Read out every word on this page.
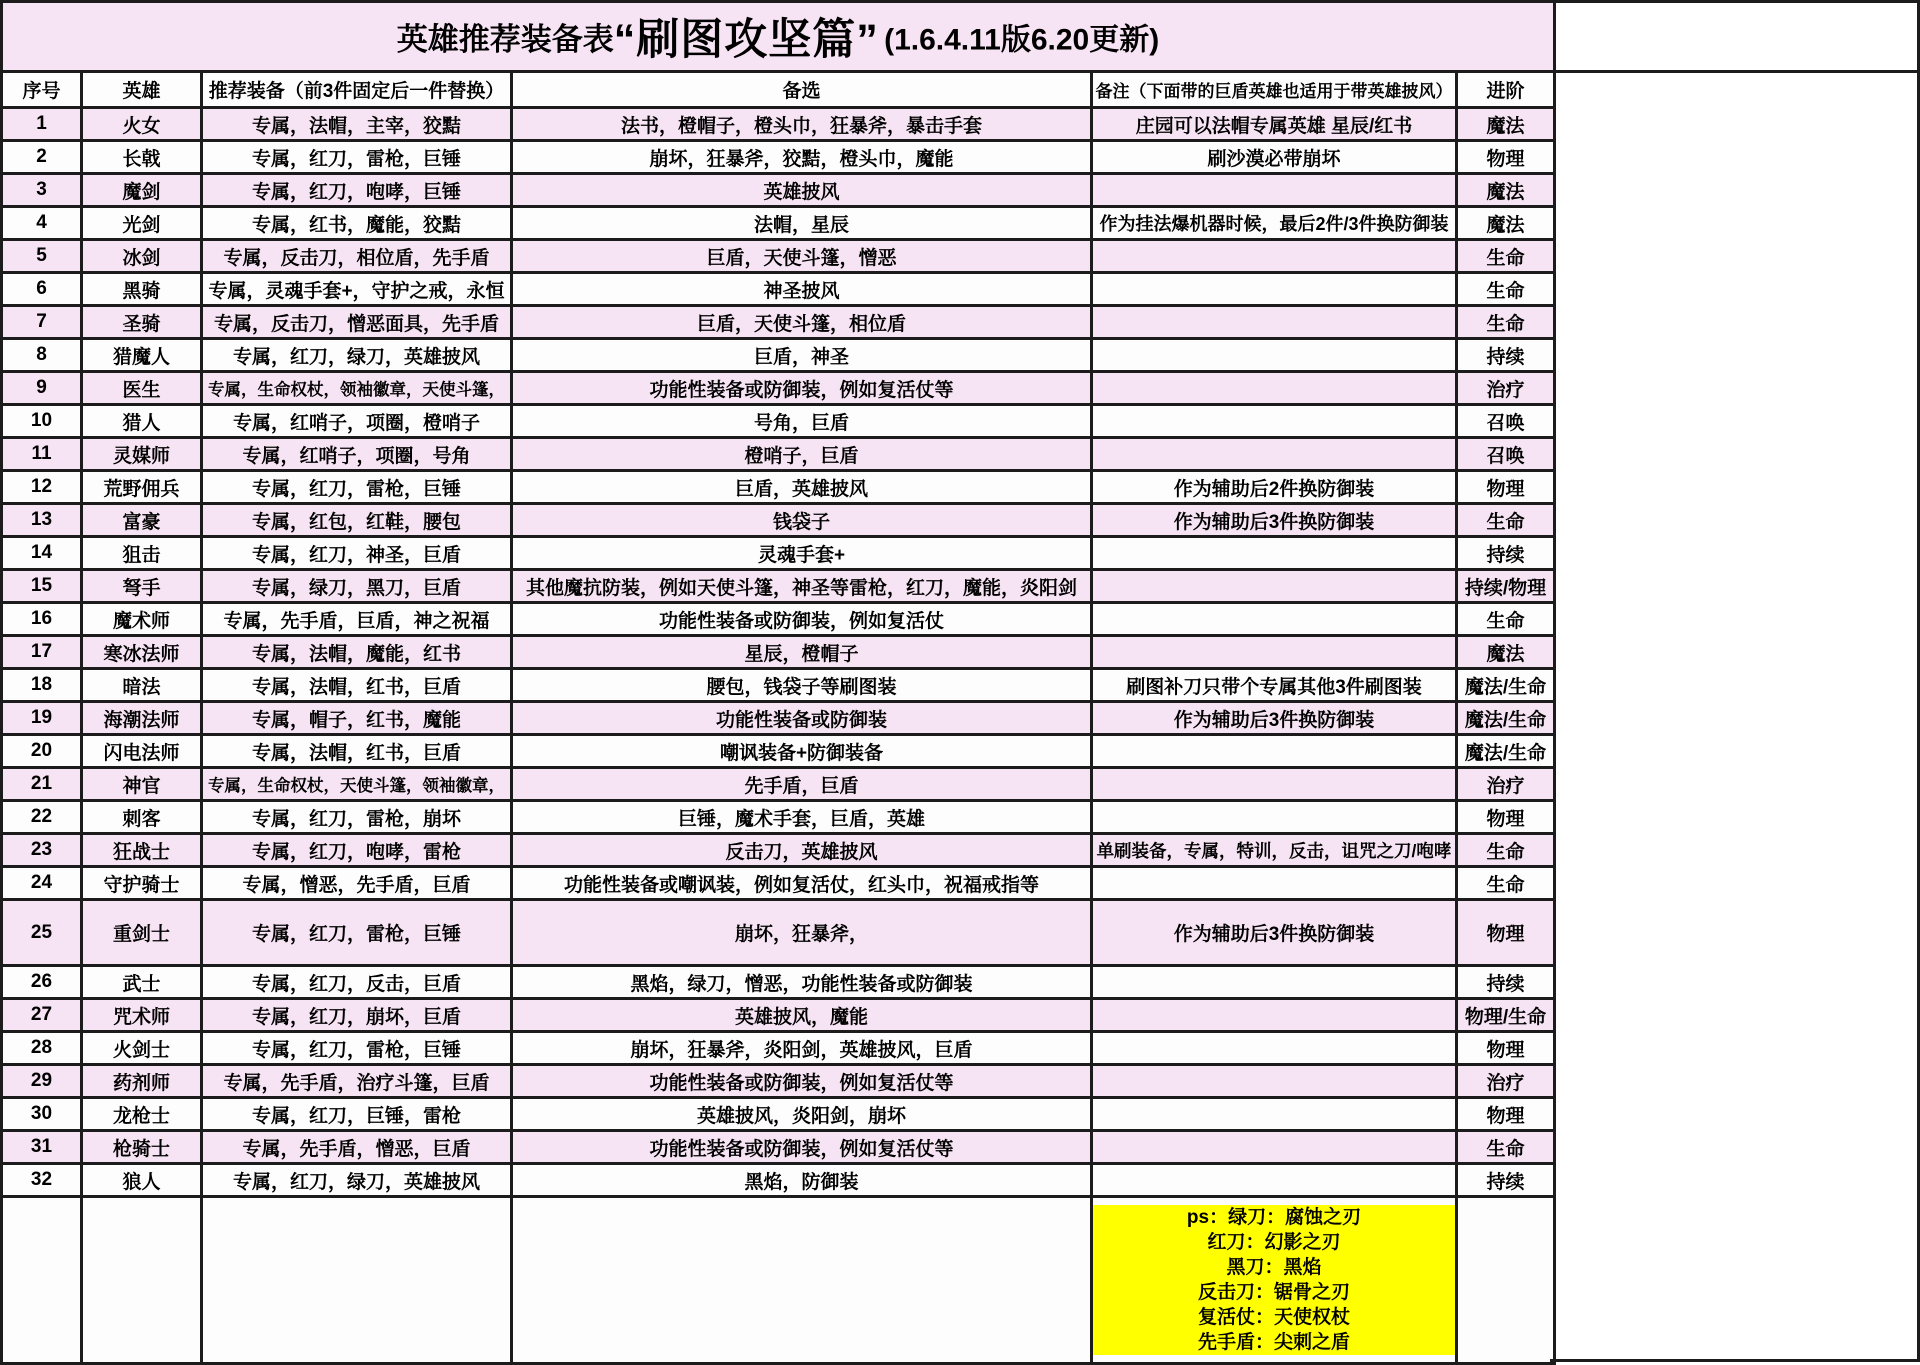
英雄推荐装备表“刷图攻坚篇” (1.6.4.11版6.20更新)					
序号	英雄	推荐装备（前3件固定后一件替换）	备选	备注（下面带的巨盾英雄也适用于带英雄披风）	进阶
1	火女	专属，法帽，主宰，狡黠	法书，橙帽子，橙头巾，狂暴斧，暴击手套	庄园可以法帽专属英雄 星辰/红书	魔法
2	长戟	专属，红刀，雷枪，巨锤	崩坏，狂暴斧，狡黠，橙头巾，魔能	刷沙漠必带崩坏	物理
3	魔剑	专属，红刀，咆哮，巨锤	英雄披风		魔法
4	光剑	专属，红书，魔能，狡黠	法帽，星辰	作为挂法爆机器时候，最后2件/3件换防御装	魔法
5	冰剑	专属，反击刀，相位盾，先手盾	巨盾，天使斗篷，憎恶		生命
6	黑骑	专属，灵魂手套+，守护之戒，永恒	神圣披风		生命
7	圣骑	专属，反击刀，憎恶面具，先手盾	巨盾，天使斗篷，相位盾		生命
8	猎魔人	专属，红刀，绿刀，英雄披风	巨盾，神圣		持续
9	医生	专属，生命权杖，领袖徽章，天使斗篷，	功能性装备或防御装，例如复活仗等		治疗
10	猎人	专属，红哨子，项圈，橙哨子	号角，巨盾		召唤
11	灵媒师	专属，红哨子，项圈，号角	橙哨子，巨盾		召唤
12	荒野佣兵	专属，红刀，雷枪，巨锤	巨盾，英雄披风	作为辅助后2件换防御装	物理
13	富豪	专属，红包，红鞋，腰包	钱袋子	作为辅助后3件换防御装	生命
14	狙击	专属，红刀，神圣，巨盾	灵魂手套+		持续
15	弩手	专属，绿刀，黑刀，巨盾	其他魔抗防装，例如天使斗篷，神圣等雷枪，红刀，魔能，炎阳剑		持续/物理
16	魔术师	专属，先手盾，巨盾，神之祝福	功能性装备或防御装，例如复活仗		生命
17	寒冰法师	专属，法帽，魔能，红书	星辰，橙帽子		魔法
18	暗法	专属，法帽，红书，巨盾	腰包，钱袋子等刷图装	刷图补刀只带个专属其他3件刷图装	魔法/生命
19	海潮法师	专属，帽子，红书，魔能	功能性装备或防御装	作为辅助后3件换防御装	魔法/生命
20	闪电法师	专属，法帽，红书，巨盾	嘲讽装备+防御装备		魔法/生命
21	神官	专属，生命权杖，天使斗篷，领袖徽章，	先手盾，巨盾		治疗
22	刺客	专属，红刀，雷枪，崩坏	巨锤，魔术手套，巨盾，英雄		物理
23	狂战士	专属，红刀，咆哮，雷枪	反击刀，英雄披风	单刷装备，专属，特训，反击，诅咒之刀/咆哮	生命
24	守护骑士	专属，憎恶，先手盾，巨盾	功能性装备或嘲讽装，例如复活仗，红头巾，祝福戒指等		生命
25	重剑士	专属，红刀，雷枪，巨锤	崩坏，狂暴斧，	作为辅助后3件换防御装	物理
26	武士	专属，红刀，反击，巨盾	黑焰，绿刀，憎恶，功能性装备或防御装		持续
27	咒术师	专属，红刀，崩坏，巨盾	英雄披风，魔能		物理/生命
28	火剑士	专属，红刀，雷枪，巨锤	崩坏，狂暴斧，炎阳剑，英雄披风，巨盾		物理
29	药剂师	专属，先手盾，治疗斗篷，巨盾	功能性装备或防御装，例如复活仗等		治疗
30	龙枪士	专属，红刀，巨锤，雷枪	英雄披风，炎阳剑，崩坏		物理
31	枪骑士	专属，先手盾，憎恶，巨盾	功能性装备或防御装，例如复活仗等		生命
32	狼人	专属，红刀，绿刀，英雄披风	黑焰，防御装		持续

ps：绿刀：腐蚀之刃
红刀：幻影之刃
黑刀：黑焰
反击刀：锯骨之刃
复活仗：天使权杖
先手盾：尖刺之盾
